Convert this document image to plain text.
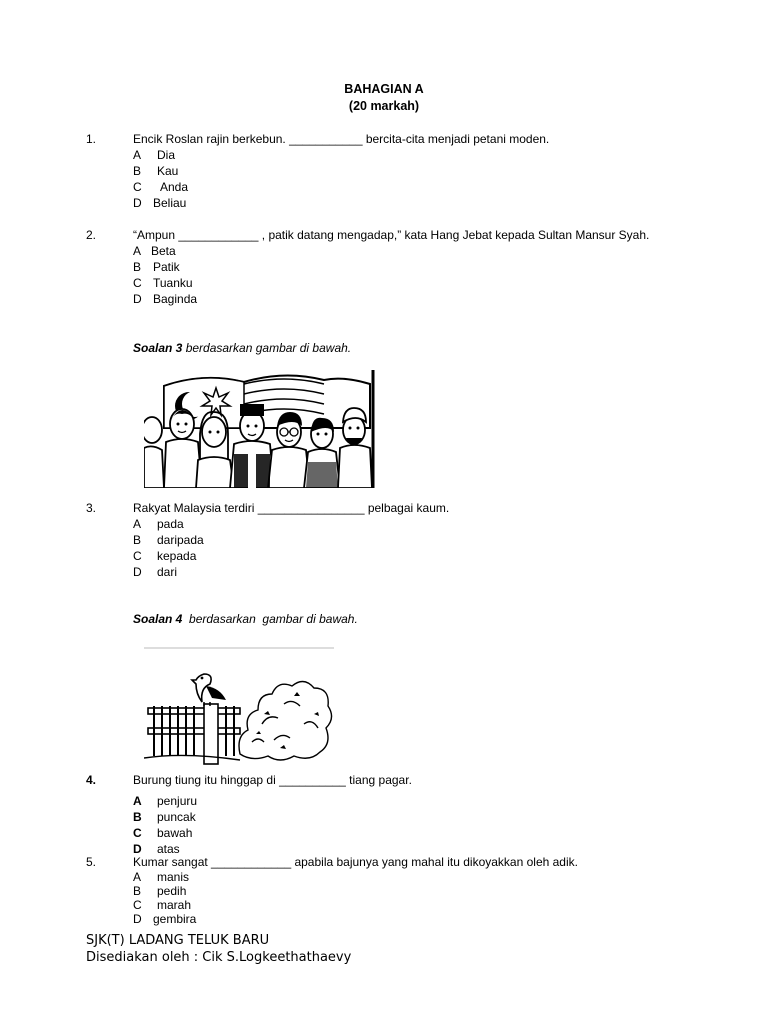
BAHAGIAN A
(20 markah)
1.	Encik Roslan rajin berkebun. ___________ bercita-cita menjadi petani moden.
A Dia
B Kau
C Anda
D Beliau
2.	“Ampun ____________ , patik datang mengadap,” kata Hang Jebat kepada Sultan Mansur Syah.
A Beta
B Patik
C Tuanku
D Baginda
Soalan 3 berdasarkan gambar di bawah.
3.	Rakyat Malaysia terdiri ________________ pelbagai kaum.
A pada
B daripada
C kepada
D dari
Soalan 4  berdasarkan  gambar di bawah.
4.	Burung tiung itu hinggap di __________ tiang pagar.
A penjuru
B puncak
C bawah
D atas
5.	Kumar sangat ____________ apabila bajunya yang mahal itu dikoyakkan oleh adik.
A manis
B pedih
C marah
D gembira
SJK(T) LADANG TELUK BARU
Disediakan oleh : Cik S.Logkeethathaevy
